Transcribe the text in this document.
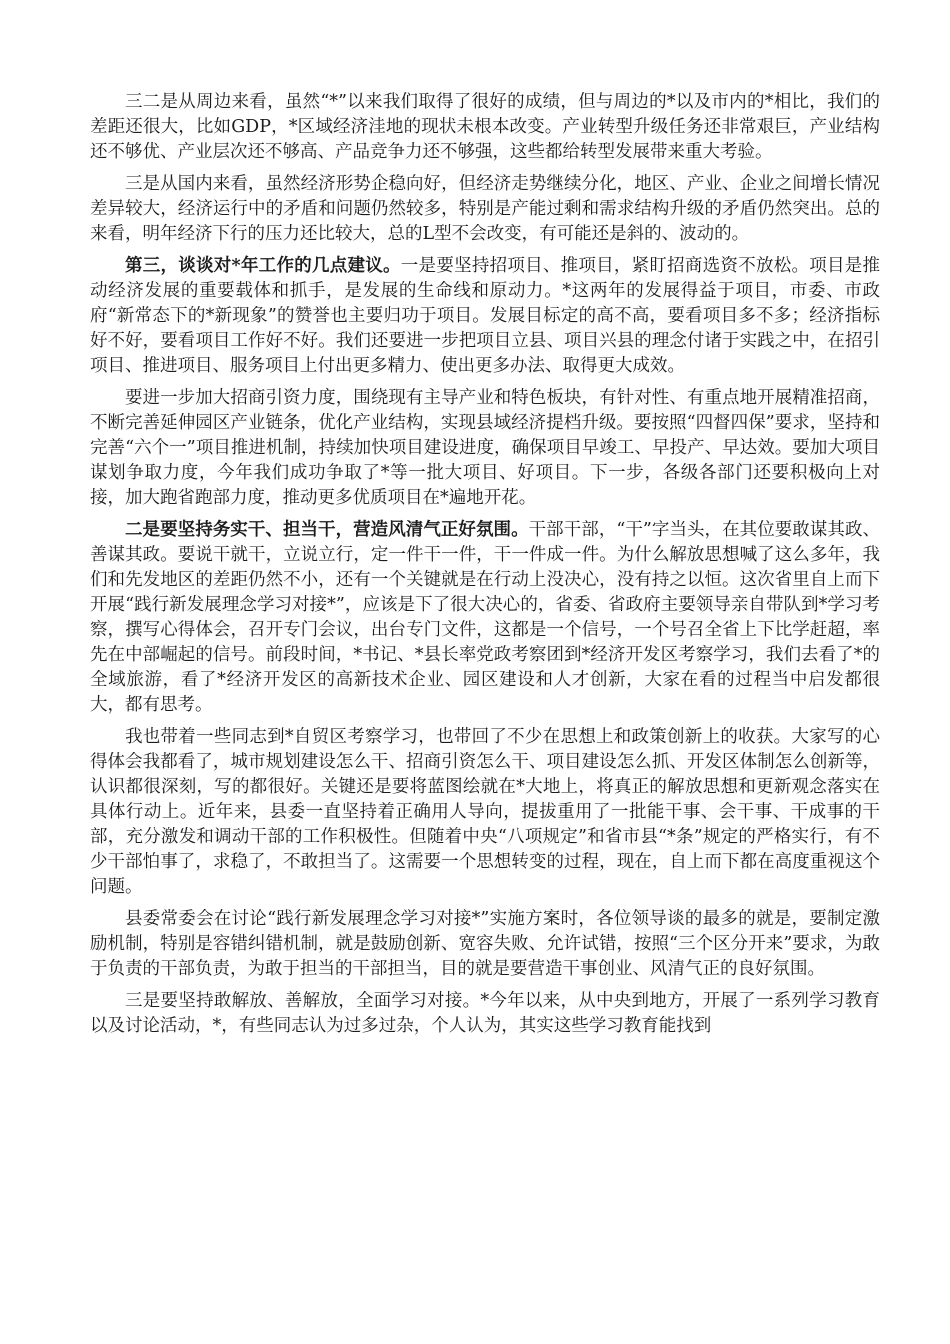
三二是从周边来看，虽然“*”以来我们取得了很好的成绩，但与周边的*以及市内的*相比，我们的差距还很大，比如GDP，*区域经济洼地的现状未根本改变。产业转型升级任务还非常艰巨，产业结构还不够优、产业层次还不够高、产品竞争力还不够强，这些都给转型发展带来重大考验。

三是从国内来看，虽然经济形势企稳向好，但经济走势继续分化，地区、产业、企业之间增长情况差异较大，经济运行中的矛盾和问题仍然较多，特别是产能过剩和需求结构升级的矛盾仍然突出。总的来看，明年经济下行的压力还比较大，总的L型不会改变，有可能还是斜的、波动的。

第三，谈谈对*年工作的几点建议。一是要坚持招项目、推项目，紧盯招商选资不放松。项目是推动经济发展的重要载体和抓手，是发展的生命线和原动力。*这两年的发展得益于项目，市委、市政府“新常态下的*新现象”的赞誉也主要归功于项目。发展目标定的高不高，要看项目多不多；经济指标好不好，要看项目工作好不好。我们还要进一步把项目立县、项目兴县的理念付诸于实践之中，在招引项目、推进项目、服务项目上付出更多精力、使出更多办法、取得更大成效。

要进一步加大招商引资力度，围绕现有主导产业和特色板块，有针对性、有重点地开展精准招商，不断完善延伸园区产业链条，优化产业结构，实现县域经济提档升级。要按照“四督四保”要求，坚持和完善“六个一”项目推进机制，持续加快项目建设进度，确保项目早竣工、早投产、早达效。要加大项目谋划争取力度，今年我们成功争取了*等一批大项目、好项目。下一步，各级各部门还要积极向上对接，加大跑省跑部力度，推动更多优质项目在*遍地开花。

二是要坚持务实干、担当干，营造风清气正好氛围。干部干部，“干”字当头，在其位要敢谋其政、善谋其政。要说干就干，立说立行，定一件干一件，干一件成一件。为什么解放思想喊了这么多年，我们和先发地区的差距仍然不小，还有一个关键就是在行动上没决心，没有持之以恒。这次省里自上而下开展“践行新发展理念学习对接*”，应该是下了很大决心的，省委、省政府主要领导亲自带队到*学习考察，撰写心得体会，召开专门会议，出台专门文件，这都是一个信号，一个号召全省上下比学赶超，率先在中部崛起的信号。前段时间，*书记、*县长率党政考察团到*经济开发区考察学习，我们去看了*的全域旅游，看了*经济开发区的高新技术企业、园区建设和人才创新，大家在看的过程当中启发都很大，都有思考。

我也带着一些同志到*自贸区考察学习，也带回了不少在思想上和政策创新上的收获。大家写的心得体会我都看了，城市规划建设怎么干、招商引资怎么干、项目建设怎么抓、开发区体制怎么创新等，认识都很深刻，写的都很好。关键还是要将蓝图绘就在*大地上，将真正的解放思想和更新观念落实在具体行动上。近年来，县委一直坚持着正确用人导向，提拔重用了一批能干事、会干事、干成事的干部，充分激发和调动干部的工作积极性。但随着中央“八项规定”和省市县“*条”规定的严格实行，有不少干部怕事了，求稳了，不敢担当了。这需要一个思想转变的过程，现在，自上而下都在高度重视这个问题。

县委常委会在讨论“践行新发展理念学习对接*”实施方案时，各位领导谈的最多的就是，要制定激励机制，特别是容错纠错机制，就是鼓励创新、宽容失败、允许试错，按照“三个区分开来”要求，为敢于负责的干部负责，为敢于担当的干部担当，目的就是要营造干事创业、风清气正的良好氛围。

三是要坚持敢解放、善解放，全面学习对接。*今年以来，从中央到地方，开展了一系列学习教育以及讨论活动，*，有些同志认为过多过杂，个人认为，其实这些学习教育能找到
